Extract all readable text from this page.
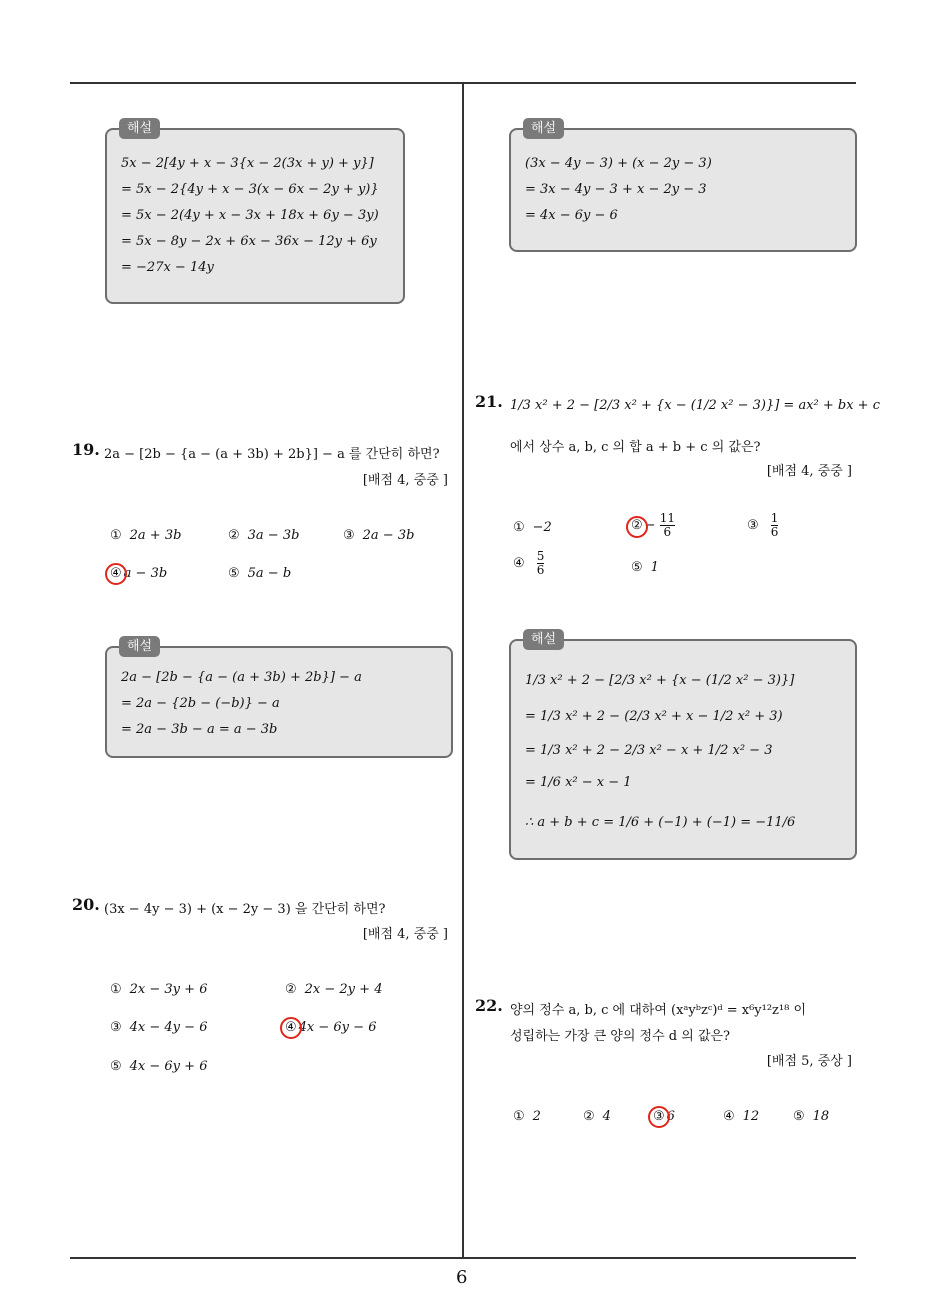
해설
5x − 2[4y + x − 3{x − 2(3x + y) + y}]
= 5x − 2{4y + x − 3(x − 6x − 2y + y)}
= 5x − 2(4y + x − 3x + 18x + 6y − 3y)
= 5x − 8y − 2x + 6x − 36x − 12y + 6y
= −27x − 14y
해설
(3x − 4y − 3) + (x − 2y − 3)
= 3x − 4y − 3 + x − 2y − 3
= 4x − 6y − 6
19. 2a − [2b − {a − (a + 3b) + 2b}] − a 를 간단히 하면?
[배점 4, 중중 ]
① 2a + 3b	② 3a − 3b	③ 2a − 3b
④ a − 3b	⑤ 5a − b
해설
2a − [2b − {a − (a + 3b) + 2b}] − a
= 2a − {2b − (−b)} − a
= 2a − 3b − a = a − 3b
20. (3x − 4y − 3) + (x − 2y − 3) 을 간단히 하면?
[배점 4, 중중 ]
① 2x − 3y + 6	② 2x − 2y + 4
③ 4x − 4y − 6	④ 4x − 6y − 6
⑤ 4x − 6y + 6
21. 1/3 x² + 2 − [2/3 x² + {x − (1/2 x² − 3)}] = ax² + bx + c
에서 상수 a, b, c 의 합 a + b + c 의 값은?
[배점 4, 중중 ]
① −2	② − $\frac{11}{6}$	③ $\frac{1}{6}$
④ $\frac{5}{6}$	⑤ 1
해설
1/3 x² + 2 − [2/3 x² + {x − (1/2 x² − 3)}]
= 1/3 x² + 2 − (2/3 x² + x − 1/2 x² + 3)
= 1/3 x² + 2 − 2/3 x² − x + 1/2 x² − 3
= 1/6 x² − x − 1
∴ a + b + c = 1/6 + (−1) + (−1) = −11/6
22. 양의 정수 a, b, c 에 대하여 (xᵃyᵇzᶜ)ᵈ = x⁶y¹²z¹⁸ 이
성립하는 가장 큰 양의 정수 d 의 값은?
[배점 5, 중상 ]
① 2	② 4	③ 6	④ 12	⑤ 18
6
